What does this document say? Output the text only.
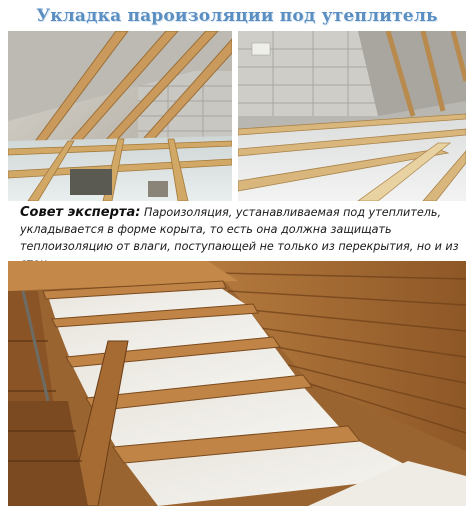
Укладка пароизоляции под утеплитель
Совет эксперта: Пароизоляция, устанавливаемая под утеплитель, укладывается в форме корыта, то есть она должна защищать теплоизоляцию от влаги, поступающей не только из перекрытия, но и из
